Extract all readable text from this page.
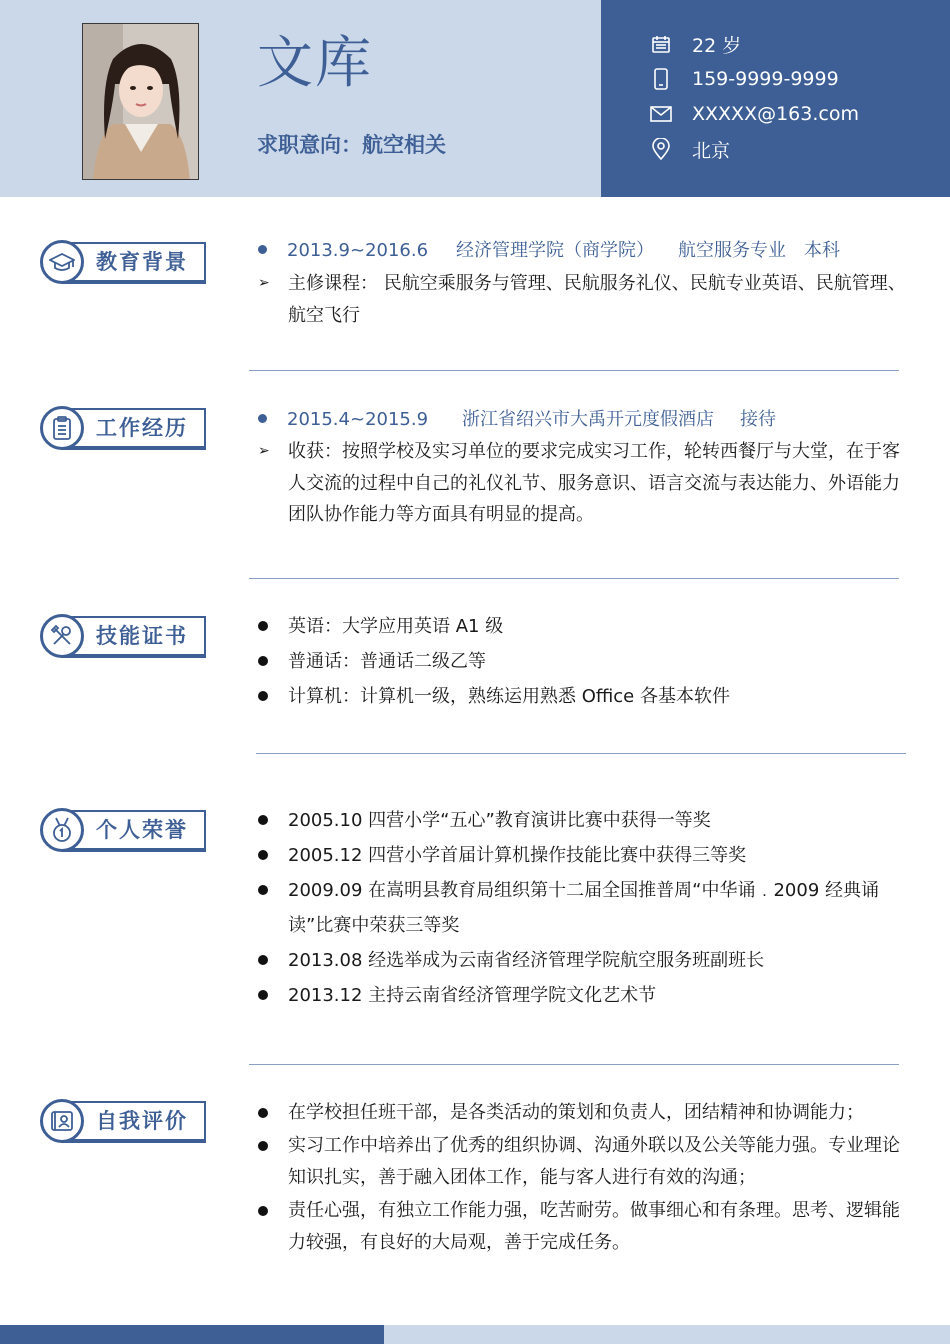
文库
求职意向：航空相关
22 岁
159-9999-9999
XXXXX@163.com
北京
教育背景	2013.9~2016.6 经济管理学院（商学院） 航空服务专业 本科
➢ 主修课程： 民航空乘服务与管理、民航服务礼仪、民航专业英语、民航管理、航空飞行
工作经历	2015.4~2015.9 浙江省绍兴市大禹开元度假酒店 接待
➢ 收获：按照学校及实习单位的要求完成实习工作，轮转西餐厅与大堂，在于客人交流的过程中自己的礼仪礼节、服务意识、语言交流与表达能力、外语能力团队协作能力等方面具有明显的提高。
技能证书	英语：大学应用英语 A1 级
普通话：普通话二级乙等
计算机：计算机一级，熟练运用熟悉 Office 各基本软件
个人荣誉	2005.10 四营小学“五心”教育演讲比赛中获得一等奖
2005.12 四营小学首届计算机操作技能比赛中获得三等奖
2009.09 在嵩明县教育局组织第十二届全国推普周“中华诵﹒2009 经典诵读”比赛中荣获三等奖
2013.08 经选举成为云南省经济管理学院航空服务班副班长
2013.12 主持云南省经济管理学院文化艺术节
自我评价	在学校担任班干部，是各类活动的策划和负责人，团结精神和协调能力；
实习工作中培养出了优秀的组织协调、沟通外联以及公关等能力强。专业理论知识扎实，善于融入团体工作，能与客人进行有效的沟通；
责任心强，有独立工作能力强，吃苦耐劳。做事细心和有条理。思考、逻辑能力较强，有良好的大局观，善于完成任务。
